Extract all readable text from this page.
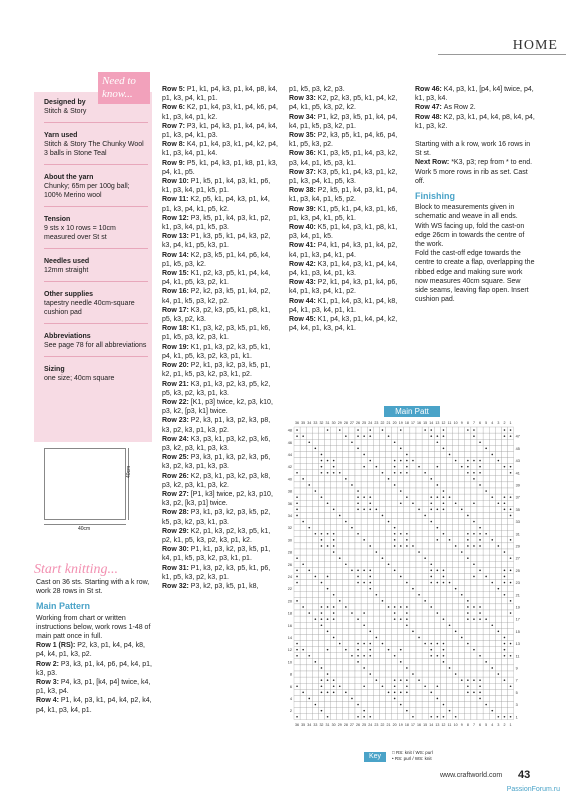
HOME
Need to know...
Designed by
Stitch & Story
Yarn used
Stitch & Story The Chunky Wool 3 balls in Stone Teal
About the yarn
Chunky; 65m per 100g ball; 100% Merino wool
Tension
9 sts x 10 rows = 10cm measured over St st
Needles used
12mm straight
Other supplies
tapestry needle 40cm-square cushion pad
Abbreviations
See page 78 for all abbreviations
Sizing
one size; 40cm square
40cm
40cm
Start knitting...

Cast on 36 sts. Starting with a k row, work 28 rows in St st.

Main Pattern

Working from chart or written instructions below, work rows 1-48 of main patt once in full.

Row 1 (RS): P2, k3, p1, k4, p4, k8, p4, k4, p1, k3, p2.

Row 2: P3, k3, p1, k4, p6, p4, k4, p1, k3, p3.

Row 3: P4, k3, p1, [k4, p4] twice, k4, p1, k3, p4.

Row 4: P1, k4, p3, k1, p4, k4, p2, k4, p4, k1, p3, k4, p1.

Row 5: P1, k1, p4, k3, p1, k4, p8, k4, p1, k3, p4, k1, p1.

Row 6: K2, p1, k4, p3, k1, p4, k6, p4, k1, p3, k4, p1, k2.

Row 7: P3, k1, p4, k3, p1, k4, p4, k4, p1, k3, p4, k1, p3.

Row 8: K4, p1, k4, p3, k1, p4, k2, p4, k1, p3, k4, p1, k4.

Row 9: P5, k1, p4, k3, p1, k8, p1, k3, p4, k1, p5.

Row 10: P1, k5, p1, k4, p3, k1, p6, k1, p3, k4, p1, k5, p1.

Row 11: K2, p5, k1, p4, k3, p1, k4, p1, k3, p4, k1, p5, k2.

Row 12: P3, k5, p1, k4, p3, k1, p2, k1, p3, k4, p1, k5, p3.

Row 13: P1, k3, p5, k1, p4, k3, p2, k3, p4, k1, p5, k3, p1.

Row 14: K2, p3, k5, p1, k4, p6, k4, p1, k5, p3, k2.

Row 15: K1, p2, k3, p5, k1, p4, k4, p4, k1, p5, k3, p2, k1.

Row 16: P2, k2, p3, k5, p1, k4, p2, k4, p1, k5, p3, k2, p2.

Row 17: K3, p2, k3, p5, k1, p8, k1, p5, k3, p2, k3.

Row 18: K1, p3, k2, p3, k5, p1, k6, p1, k5, p3, k2, p3, k1.

Row 19: K1, p1, k3, p2, k3, p5, k1, p4, k1, p5, k3, p2, k3, p1, k1.

Row 20: P2, k1, p3, k2, p3, k5, p1, k2, p1, k5, p3, k2, p3, k1, p2.

Row 21: K3, p1, k3, p2, k3, p5, k2, p5, k3, p2, k3, p1, k3.

Row 22: [K1, p3] twice, k2, p3, k10, p3, k2, [p3, k1] twice.

Row 23: P2, k3, p1, k3, p2, k3, p8, k3, p2, k3, p1, k3, p2.

Row 24: K3, p3, k1, p3, k2, p3, k6, p3, k2, p3, k1, p3, k3.

Row 25: P3, k3, p1, k3, p2, k3, p6, k3, p2, k3, p1, k3, p3.

Row 26: K2, p3, k1, p3, k2, p3, k8, p3, k2, p3, k1, p3, k2.

Row 27: [P1, k3] twice, p2, k3, p10, k3, p2, [k3, p1] twice.

Row 28: P3, k1, p3, k2, p3, k5, p2, k5, p3, k2, p3, k1, p3.

Row 29: K2, p1, k3, p2, k3, p5, k1, p2, k1, p5, k3, p2, k3, p1, k2.

Row 30: P1, k1, p3, k2, p3, k5, p1, k4, p1, k5, p3, k2, p3, k1, p1.

Row 31: P1, k3, p2, k3, p5, k1, p6, k1, p5, k3, p2, k3, p1.

Row 32: P3, k2, p3, k5, p1, k8,

p1, k5, p3, k2, p3.

Row 33: K2, p2, k3, p5, k1, p4, k2, p4, k1, p5, k3, p2, k2.

Row 34: P1, k2, p3, k5, p1, k4, p4, k4, p1, k5, p3, k2, p1.

Row 35: P2, k3, p5, k1, p4, k6, p4, k1, p5, k3, p2.

Row 36: K1, p3, k5, p1, k4, p3, k2, p3, k4, p1, k5, p3, k1.

Row 37: K3, p5, k1, p4, k3, p1, k2, p1, k3, p4, k1, p5, k3.

Row 38: P2, k5, p1, k4, p3, k1, p4, k1, p3, k4, p1, k5, p2.

Row 39: K1, p5, k1, p4, k3, p1, k6, p1, k3, p4, k1, p5, k1.

Row 40: K5, p1, k4, p3, k1, p8, k1, p3, k4, p1, k5.

Row 41: P4, k1, p4, k3, p1, k4, p2, k4, p1, k3, p4, k1, p4.

Row 42: K3, p1, k4, p3, k1, p4, k4, p4, k1, p3, k4, p1, k3.

Row 43: P2, k1, p4, k3, p1, k4, p6, k4, p1, k3, p4, k1, p2.

Row 44: K1, p1, k4, p3, k1, p4, k8, p4, k1, p3, k4, p1, k1.

Row 45: K1, p4, k3, p1, k4, p4, k2, p4, k4, p1, k3, p4, k1.

Row 46: K4, p3, k1, [p4, k4] twice, p4, k1, p3, k4.

Row 47: As Row 2.

Row 48: K2, p3, k1, p4, k4, p8, k4, p4, k1, p3, k2.

Starting with a k row, work 16 rows in St st.

Next Row: *K3, p3; rep from * to end.

Work 5 more rows in rib as set. Cast off.

Finishing

Block to measurements given in schematic and weave in all ends.

With WS facing up, fold the cast-on edge 26cm in towards the centre of the work.

Fold the cast-off edge towards the centre to create a flap, overlapping the ribbed edge and making sure work now measures 40cm square. Sew side seams, leaving flap open. Insert cushion pad.

Main Patt
36
36
35
35
34
34
33
33
32
32
31
31
30
30
29
29
28
28
27
27
26
26
25
25
24
24
23
23
22
22
21
21
20
20
19
19
18
18
17
17
16
16
15
15
14
14
13
13
12
12
11
11
10
10
9
9
8
8
7
7
6
6
5
5
4
4
3
3
2
2
1
1
48
46
44
42
40
38
36
34
32
30
28
26
24
22
20
18
16
14
12
10
8
6
4
2
47
45
43
41
39
37
35
33
31
29
27
25
23
21
19
17
15
13
11
9
7
5
3
1
Key
□ RS: knit / WS: purl
• RS: purl / WS: knit
www.craftworld.com 43
PassionForum.ru
